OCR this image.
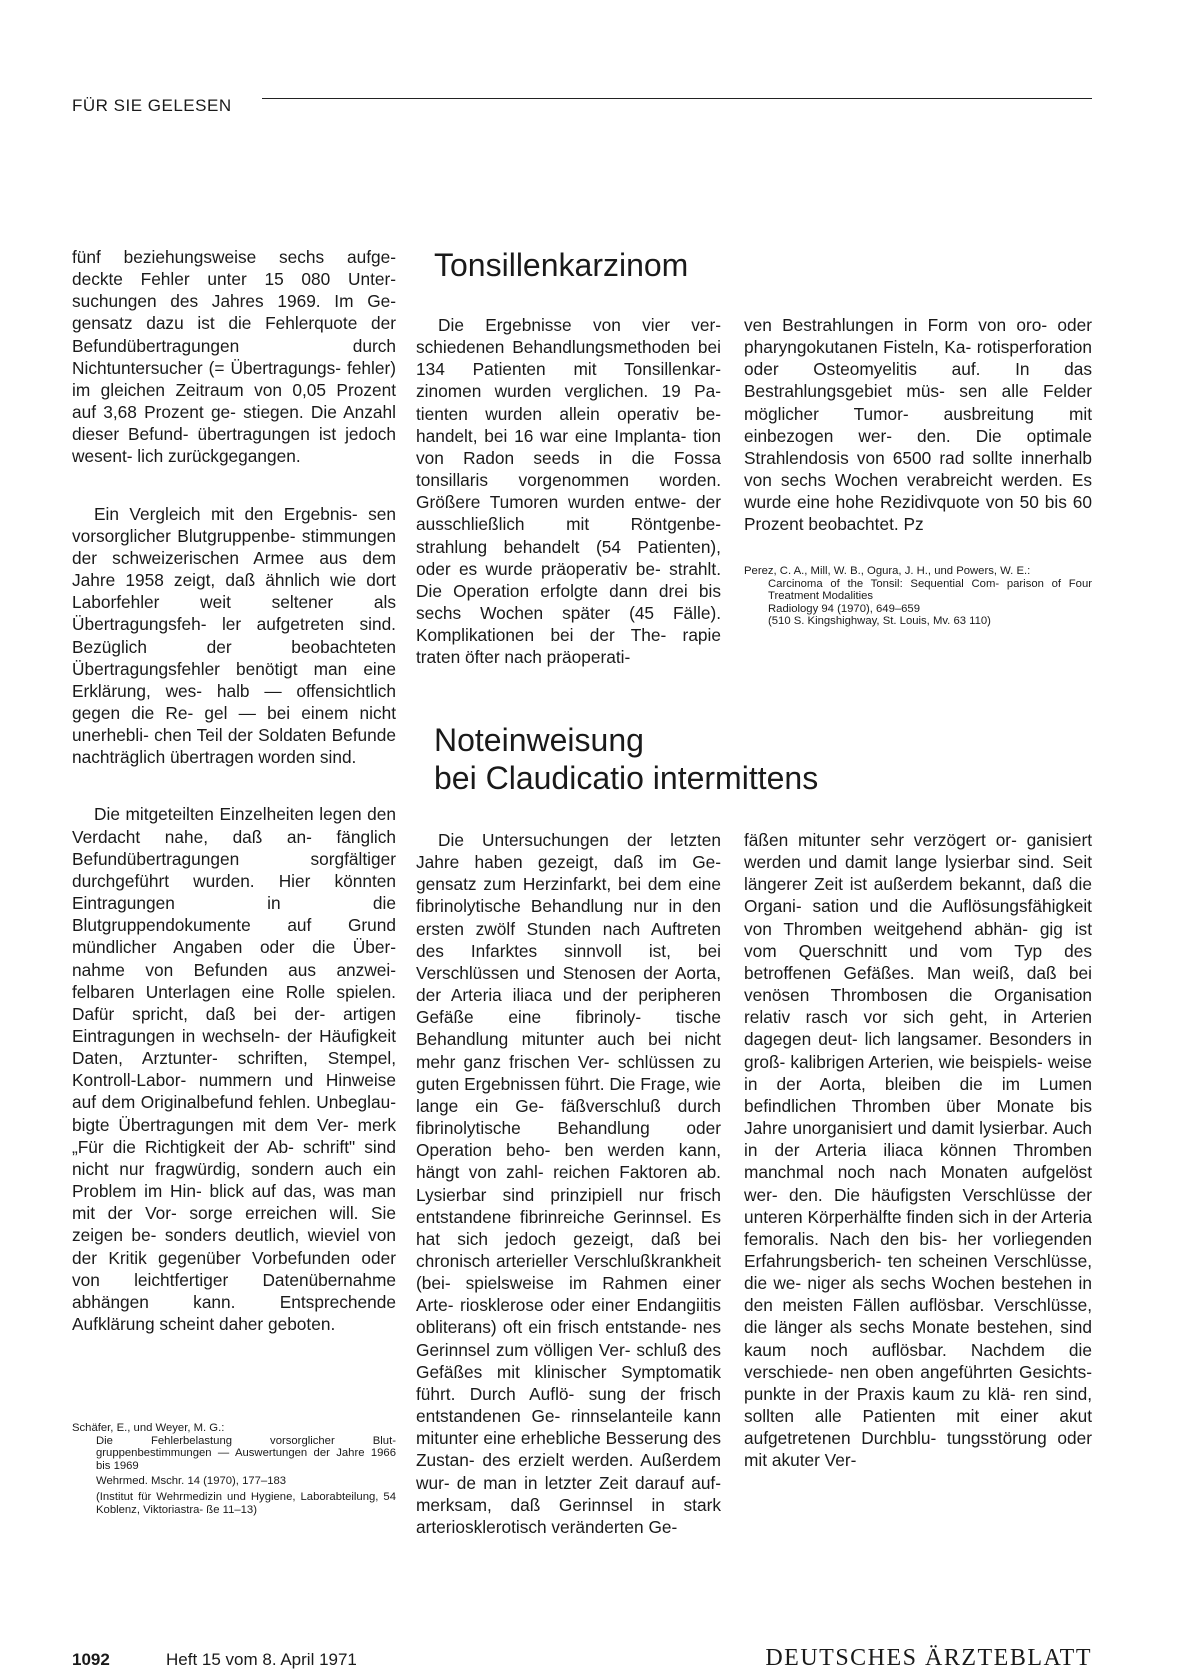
FÜR SIE GELESEN

fünf beziehungsweise sechs aufge- deckte Fehler unter 15 080 Unter- suchungen des Jahres 1969. Im Ge- gensatz dazu ist die Fehlerquote der Befundübertragungen durch Nichtuntersucher (= Übertragungs- fehler) im gleichen Zeitraum von 0,05 Prozent auf 3,68 Prozent ge- stiegen. Die Anzahl dieser Befund- übertragungen ist jedoch wesent- lich zurückgegangen.

Ein Vergleich mit den Ergebnis- sen vorsorglicher Blutgruppenbe- stimmungen der schweizerischen Armee aus dem Jahre 1958 zeigt, daß ähnlich wie dort Laborfehler weit seltener als Übertragungsfeh- ler aufgetreten sind. Bezüglich der beobachteten Übertragungsfehler benötigt man eine Erklärung, wes- halb — offensichtlich gegen die Re- gel — bei einem nicht unerhebli- chen Teil der Soldaten Befunde nachträglich übertragen worden sind.

Die mitgeteilten Einzelheiten legen den Verdacht nahe, daß an- fänglich Befundübertragungen sorgfältiger durchgeführt wurden. Hier könnten Eintragungen in die Blutgruppendokumente auf Grund mündlicher Angaben oder die Über- nahme von Befunden aus anzwei- felbaren Unterlagen eine Rolle spielen. Dafür spricht, daß bei der- artigen Eintragungen in wechseln- der Häufigkeit Daten, Arztunter- schriften, Stempel, Kontroll-Labor- nummern und Hinweise auf dem Originalbefund fehlen. Unbeglau- bigte Übertragungen mit dem Ver- merk „Für die Richtigkeit der Ab- schrift" sind nicht nur fragwürdig, sondern auch ein Problem im Hin- blick auf das, was man mit der Vor- sorge erreichen will. Sie zeigen be- sonders deutlich, wieviel von der Kritik gegenüber Vorbefunden oder von leichtfertiger Datenübernahme abhängen kann. Entsprechende Aufklärung scheint daher geboten.

Schäfer, E., und Weyer, M. G.:
Die Fehlerbelastung vorsorglicher Blut- gruppenbestimmungen — Auswertungen der Jahre 1966 bis 1969
Wehrmed. Mschr. 14 (1970), 177–183
(Institut für Wehrmedizin und Hygiene, Laborabteilung, 54 Koblenz, Viktoriastra- ße 11–13)
Tonsillenkarzinom

Die Ergebnisse von vier ver- schiedenen Behandlungsmethoden bei 134 Patienten mit Tonsillenkar- zinomen wurden verglichen. 19 Pa- tienten wurden allein operativ be- handelt, bei 16 war eine Implanta- tion von Radon seeds in die Fossa tonsillaris vorgenommen worden. Größere Tumoren wurden entwe- der ausschließlich mit Röntgenbe- strahlung behandelt (54 Patienten), oder es wurde präoperativ be- strahlt. Die Operation erfolgte dann drei bis sechs Wochen später (45 Fälle). Komplikationen bei der The- rapie traten öfter nach präoperati-

ven Bestrahlungen in Form von oro- oder pharyngokutanen Fisteln, Ka- rotisperforation oder Osteomyelitis auf. In das Bestrahlungsgebiet müs- sen alle Felder möglicher Tumor- ausbreitung mit einbezogen wer- den. Die optimale Strahlendosis von 6500 rad sollte innerhalb von sechs Wochen verabreicht werden. Es wurde eine hohe Rezidivquote von 50 bis 60 Prozent beobachtet. Pz

Perez, C. A., Mill, W. B., Ogura, J. H., und Powers, W. E.:
Carcinoma of the Tonsil: Sequential Com- parison of Four Treatment Modalities
Radiology 94 (1970), 649–659
(510 S. Kingshighway, St. Louis, Mv. 63 110)
Noteinweisung
bei Claudicatio intermittens

Die Untersuchungen der letzten Jahre haben gezeigt, daß im Ge- gensatz zum Herzinfarkt, bei dem eine fibrinolytische Behandlung nur in den ersten zwölf Stunden nach Auftreten des Infarktes sinnvoll ist, bei Verschlüssen und Stenosen der Aorta, der Arteria iliaca und der peripheren Gefäße eine fibrinoly- tische Behandlung mitunter auch bei nicht mehr ganz frischen Ver- schlüssen zu guten Ergebnissen führt. Die Frage, wie lange ein Ge- fäßverschluß durch fibrinolytische Behandlung oder Operation beho- ben werden kann, hängt von zahl- reichen Faktoren ab. Lysierbar sind prinzipiell nur frisch entstandene fibrinreiche Gerinnsel. Es hat sich jedoch gezeigt, daß bei chronisch arterieller Verschlußkrankheit (bei- spielsweise im Rahmen einer Arte- riosklerose oder einer Endangiitis obliterans) oft ein frisch entstande- nes Gerinnsel zum völligen Ver- schluß des Gefäßes mit klinischer Symptomatik führt. Durch Auflö- sung der frisch entstandenen Ge- rinnselanteile kann mitunter eine erhebliche Besserung des Zustan- des erzielt werden. Außerdem wur- de man in letzter Zeit darauf auf- merksam, daß Gerinnsel in stark arteriosklerotisch veränderten Ge-

fäßen mitunter sehr verzögert or- ganisiert werden und damit lange lysierbar sind. Seit längerer Zeit ist außerdem bekannt, daß die Organi- sation und die Auflösungsfähigkeit von Thromben weitgehend abhän- gig ist vom Querschnitt und vom Typ des betroffenen Gefäßes. Man weiß, daß bei venösen Thrombosen die Organisation relativ rasch vor sich geht, in Arterien dagegen deut- lich langsamer. Besonders in groß- kalibrigen Arterien, wie beispiels- weise in der Aorta, bleiben die im Lumen befindlichen Thromben über Monate bis Jahre unorganisiert und damit lysierbar. Auch in der Arteria iliaca können Thromben manchmal noch nach Monaten aufgelöst wer- den. Die häufigsten Verschlüsse der unteren Körperhälfte finden sich in der Arteria femoralis. Nach den bis- her vorliegenden Erfahrungsberich- ten scheinen Verschlüsse, die we- niger als sechs Wochen bestehen in den meisten Fällen auflösbar. Verschlüsse, die länger als sechs Monate bestehen, sind kaum noch auflösbar. Nachdem die verschiede- nen oben angeführten Gesichts- punkte in der Praxis kaum zu klä- ren sind, sollten alle Patienten mit einer akut aufgetretenen Durchblu- tungsstörung oder mit akuter Ver-

1092	Heft 15 vom 8. April 1971	DEUTSCHES ÄRZTEBLATT
